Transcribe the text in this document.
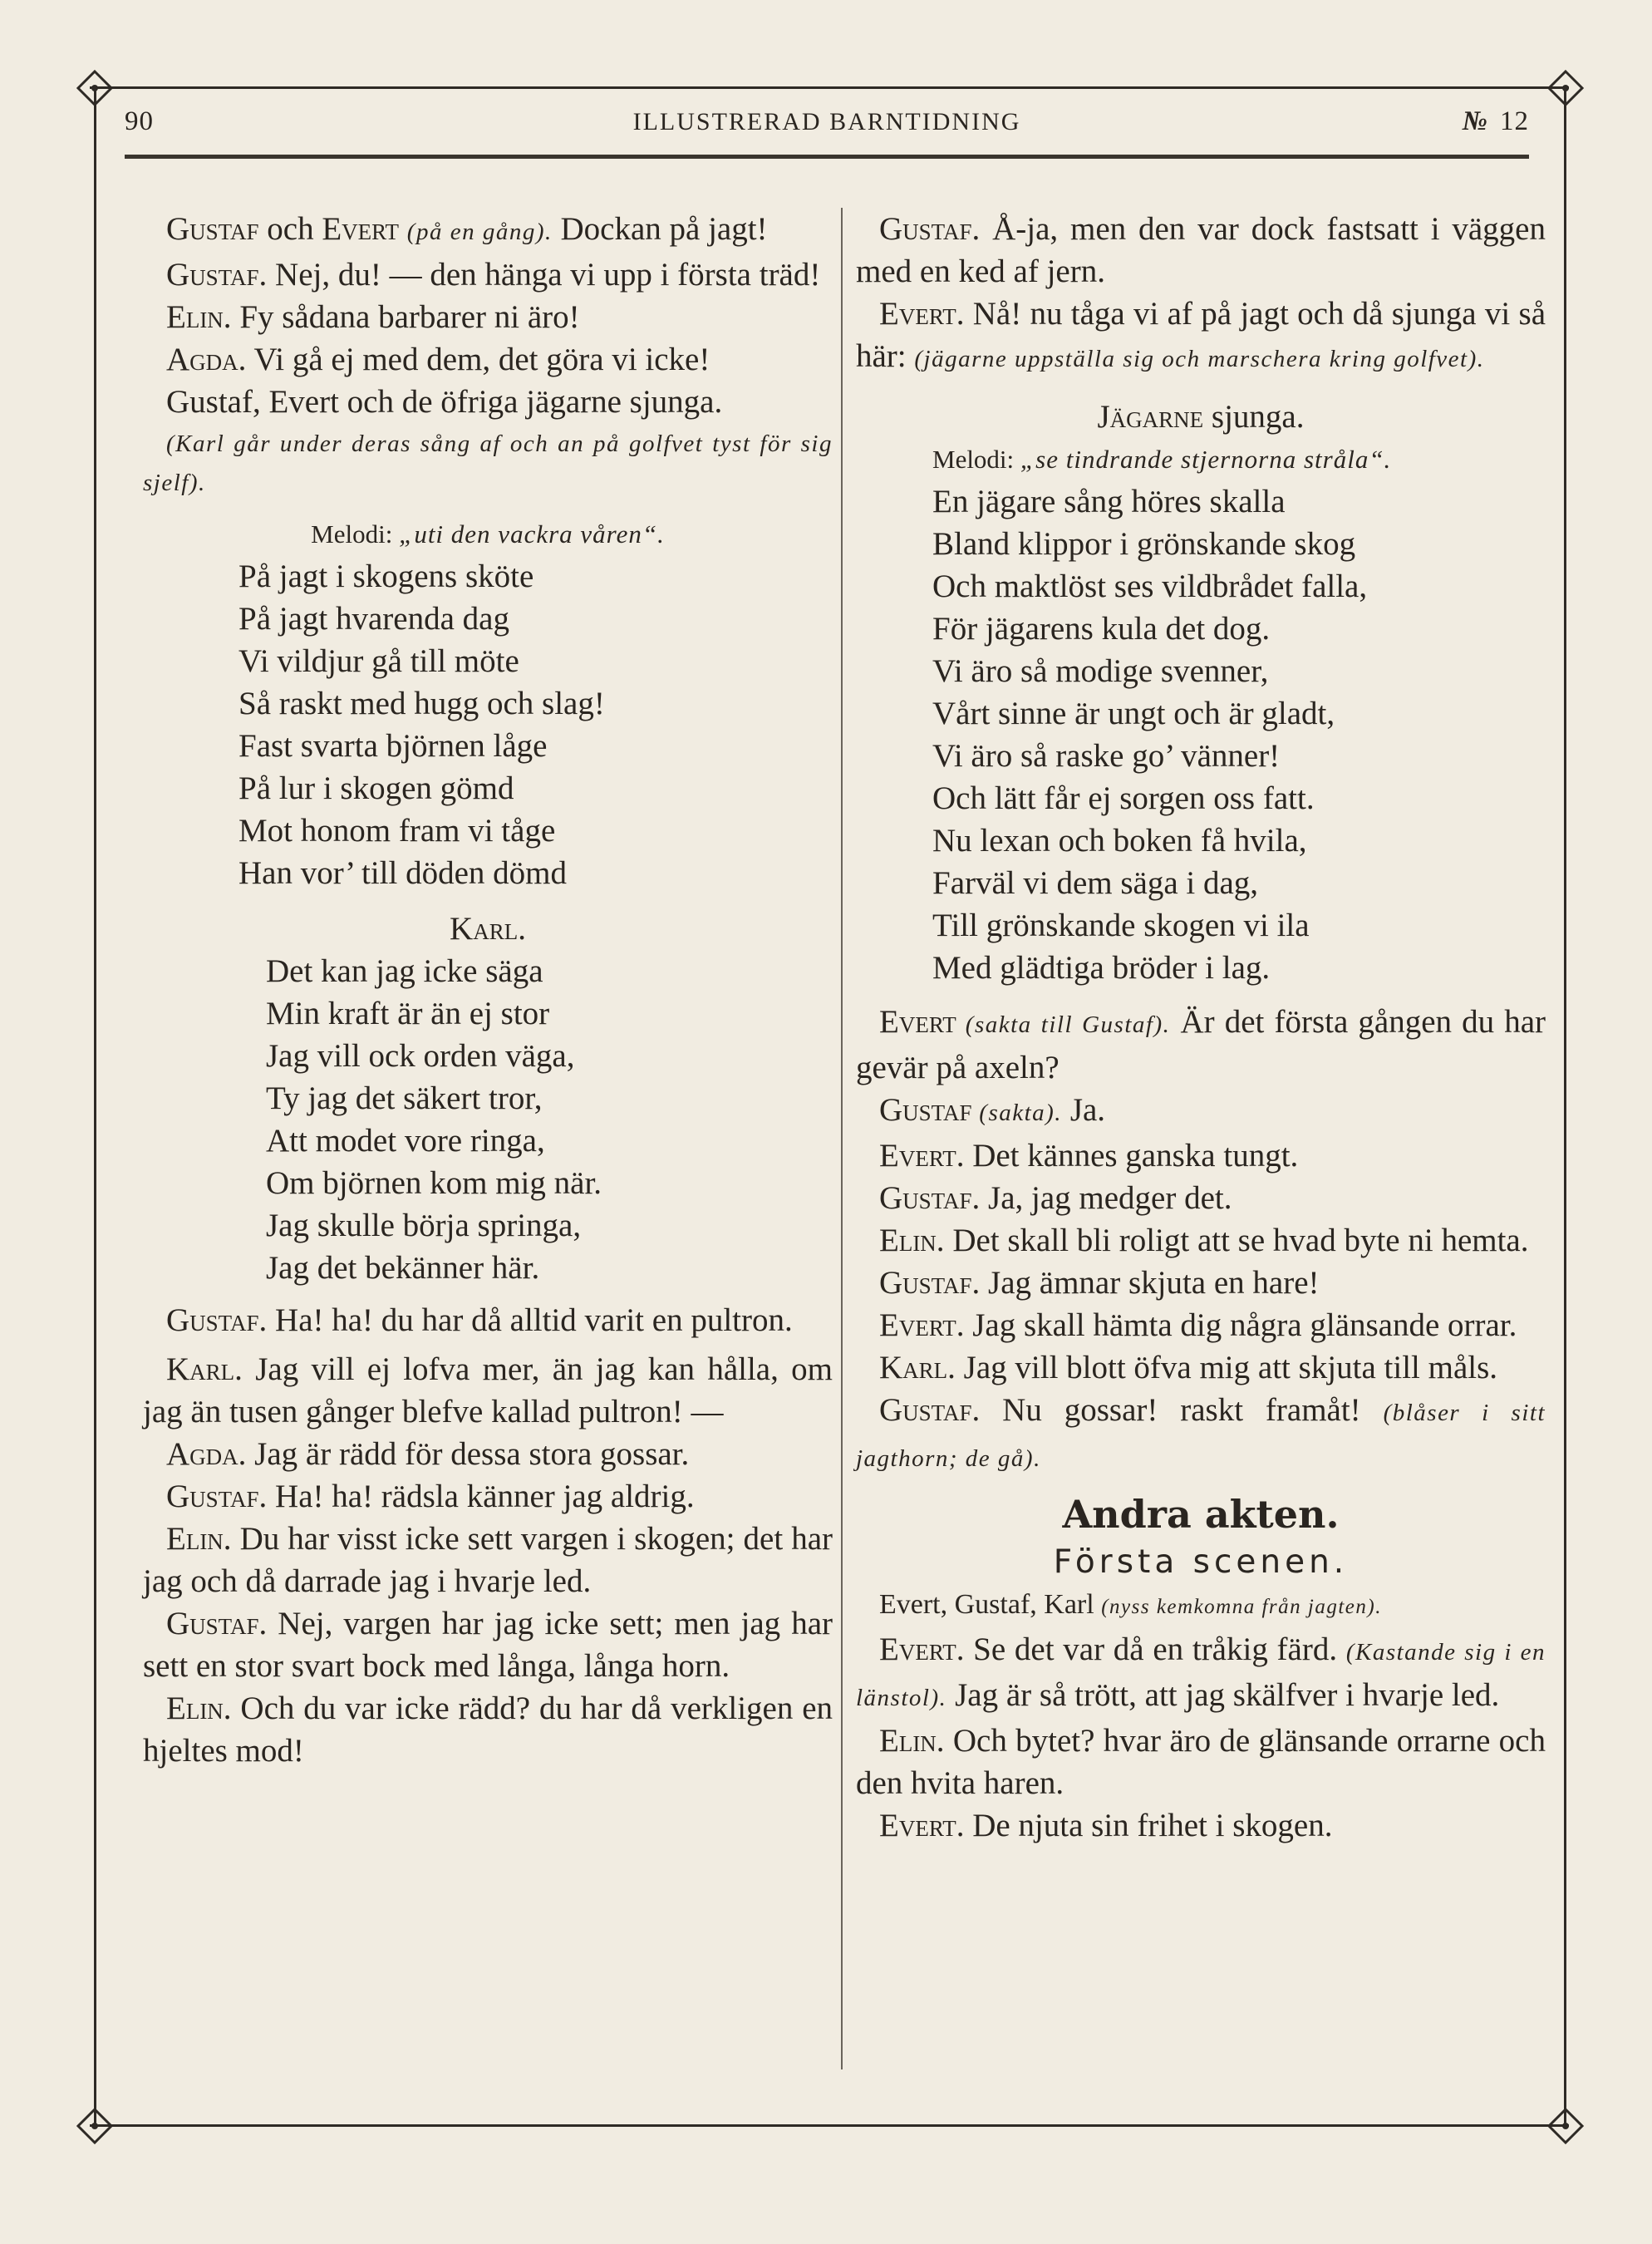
90	ILLUSTRERAD BARNTIDNING	№ 12

Gustaf och Evert (på en gång). Dockan på jagt!

Gustaf. Nej, du! — den hänga vi upp i första träd!

Elin. Fy sådana barbarer ni äro!

Agda. Vi gå ej med dem, det göra vi icke!

Gustaf, Evert och de öfriga jägarne sjunga.

(Karl går under deras sång af och an på golfvet tyst för sig sjelf).

Melodi: „uti den vackra våren“.

På jagt i skogens sköte
På jagt hvarenda dag
Vi vildjur gå till möte
Så raskt med hugg och slag!
Fast svarta björnen låge
På lur i skogen gömd
Mot honom fram vi tåge
Han vor’ till döden dömd

Karl.

Det kan jag icke säga
Min kraft är än ej stor
Jag vill ock orden väga,
Ty jag det säkert tror,
Att modet vore ringa,
Om björnen kom mig när.
Jag skulle börja springa,
Jag det bekänner här.

Gustaf. Ha! ha! du har då alltid varit en pultron.

Karl. Jag vill ej lofva mer, än jag kan hålla, om jag än tusen gånger blefve kallad pultron! —

Agda. Jag är rädd för dessa stora gossar.

Gustaf. Ha! ha! rädsla känner jag aldrig.

Elin. Du har visst icke sett vargen i skogen; det har jag och då darrade jag i hvarje led.

Gustaf. Nej, vargen har jag icke sett; men jag har sett en stor svart bock med långa, långa horn.

Elin. Och du var icke rädd? du har då verkligen en hjeltes mod!

Gustaf. Å-ja, men den var dock fastsatt i väggen med en ked af jern.

Evert. Nå! nu tåga vi af på jagt och då sjunga vi så här: (jägarne uppställa sig och marschera kring golfvet).

Jägarne sjunga.

Melodi: „se tindrande stjernorna stråla“.

En jägare sång höres skalla
Bland klippor i grönskande skog
Och maktlöst ses vildbrådet falla,
För jägarens kula det dog.
Vi äro så modige svenner,
Vårt sinne är ungt och är gladt,
Vi äro så raske go’ vänner!
Och lätt får ej sorgen oss fatt.
Nu lexan och boken få hvila,
Farväl vi dem säga i dag,
Till grönskande skogen vi ila
Med glädtiga bröder i lag.

Evert (sakta till Gustaf). Är det första gången du har gevär på axeln?

Gustaf (sakta). Ja.

Evert. Det kännes ganska tungt.

Gustaf. Ja, jag medger det.

Elin. Det skall bli roligt att se hvad byte ni hemta.

Gustaf. Jag ämnar skjuta en hare!

Evert. Jag skall hämta dig några glänsande orrar.

Karl. Jag vill blott öfva mig att skjuta till måls.

Gustaf. Nu gossar! raskt framåt! (blåser i sitt jagthorn; de gå).

Andra akten.

Första scenen.

Evert, Gustaf, Karl (nyss kemkomna från jagten).

Evert. Se det var då en tråkig färd. (Kastande sig i en länstol). Jag är så trött, att jag skälfver i hvarje led.

Elin. Och bytet? hvar äro de glänsande orrarne och den hvita haren.

Evert. De njuta sin frihet i skogen.
